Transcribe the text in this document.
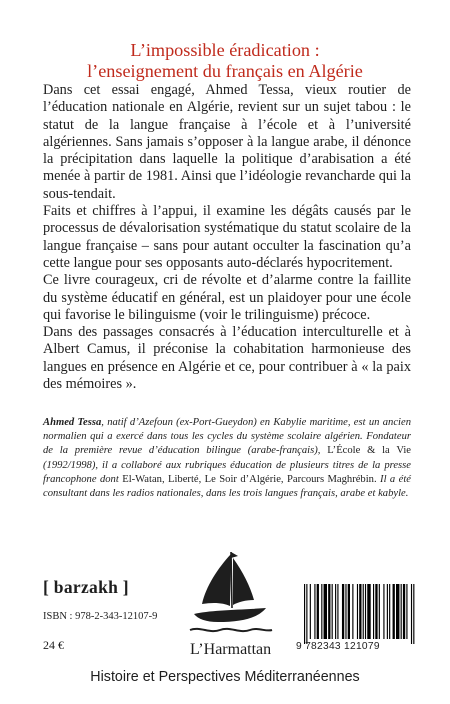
L’impossible éradication :
l’enseignement du français en Algérie

Dans cet essai engagé, Ahmed Tessa, vieux routier de l’éducation nationale en Algérie, revient sur un sujet tabou : le statut de la langue française à l’école et à l’université algériennes. Sans jamais s’opposer à la langue arabe, il dénonce la précipitation dans laquelle la politique d’arabisation a été menée à partir de 1981. Ainsi que l’idéologie revancharde qui la sous-tendait.

Faits et chiffres à l’appui, il examine les dégâts causés par le processus de dévalorisation systématique du statut scolaire de la langue française – sans pour autant occulter la fascination qu’a cette langue pour ses opposants auto-déclarés hypocritement.

Ce livre courageux, cri de révolte et d’alarme contre la faillite du système éducatif en général, est un plaidoyer pour une école qui favorise le bilinguisme (voir le trilinguisme) précoce.

Dans des passages consacrés à l’éducation interculturelle et à Albert Camus, il préconise la cohabitation harmonieuse des langues en présence en Algérie et ce, pour contribuer à « la paix des mémoires ».

Ahmed Tessa, natif d’Azefoun (ex-Port-Gueydon) en Kabylie maritime, est un ancien normalien qui a exercé dans tous les cycles du système scolaire algérien. Fondateur de la première revue d’éducation bilingue (arabe-français), L’École & la Vie (1992/1998), il a collaboré aux rubriques éducation de plusieurs titres de la presse francophone dont El-Watan, Liberté, Le Soir d’Algérie, Parcours Maghrébin. Il a été consultant dans les radios nationales, dans les trois langues français, arabe et kabyle.
[ barzakh ]
ISBN : 978-2-343-12107-9
24 €	L’Harmattan 9 782343 121079
Histoire et Perspectives Méditerranéennes
